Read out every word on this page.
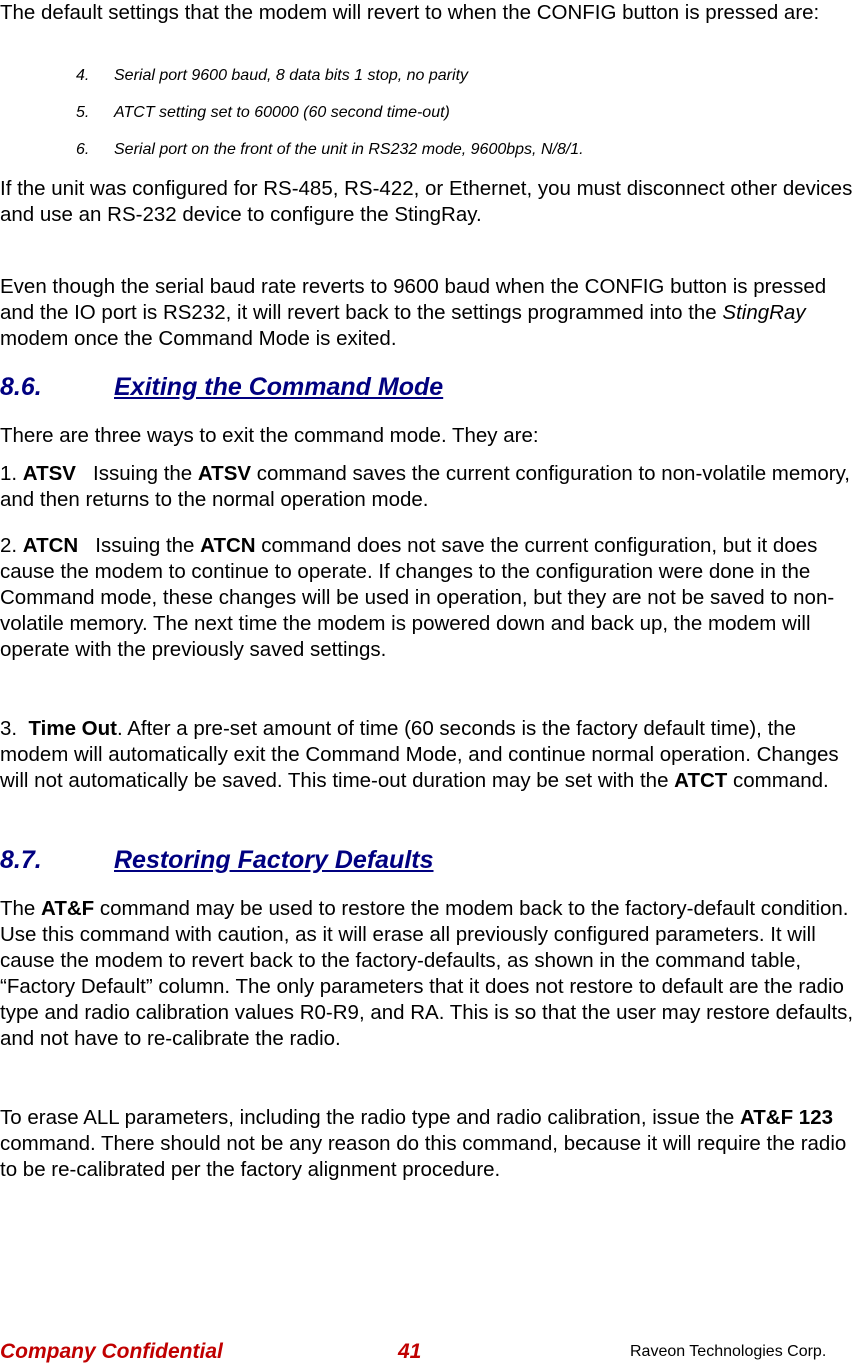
The default settings that the modem will revert to when the CONFIG button is pressed are:

4. Serial port 9600 baud, 8 data bits 1 stop, no parity
5. ATCT setting set to 60000 (60 second time-out)
6. Serial port on the front of the unit in RS232 mode, 9600bps, N/8/1.

If the unit was configured for RS-485, RS-422, or Ethernet, you must disconnect other devices and use an RS-232 device to configure the StingRay.

Even though the serial baud rate reverts to 9600 baud when the CONFIG button is pressed and the IO port is RS232, it will revert back to the settings programmed into the StingRay modem once the Command Mode is exited.

8.6.	Exiting the Command Mode

There are three ways to exit the command mode. They are:

1. ATSV   Issuing the ATSV command saves the current configuration to non-volatile memory, and then returns to the normal operation mode.

2. ATCN   Issuing the ATCN command does not save the current configuration, but it does cause the modem to continue to operate. If changes to the configuration were done in the Command mode, these changes will be used in operation, but they are not be saved to non-volatile memory. The next time the modem is powered down and back up, the modem will operate with the previously saved settings.

3.  Time Out. After a pre-set amount of time (60 seconds is the factory default time), the modem will automatically exit the Command Mode, and continue normal operation. Changes will not automatically be saved. This time-out duration may be set with the ATCT command.

8.7.	Restoring Factory Defaults

The AT&F command may be used to restore the modem back to the factory-default condition. Use this command with caution, as it will erase all previously configured parameters. It will cause the modem to revert back to the factory-defaults, as shown in the command table, “Factory Default” column. The only parameters that it does not restore to default are the radio type and radio calibration values R0-R9, and RA. This is so that the user may restore defaults, and not have to re-calibrate the radio.

To erase ALL parameters, including the radio type and radio calibration, issue the AT&F 123 command. There should not be any reason do this command, because it will require the radio to be re-calibrated per the factory alignment procedure.

Company Confidential	41	Raveon Technologies Corp.
